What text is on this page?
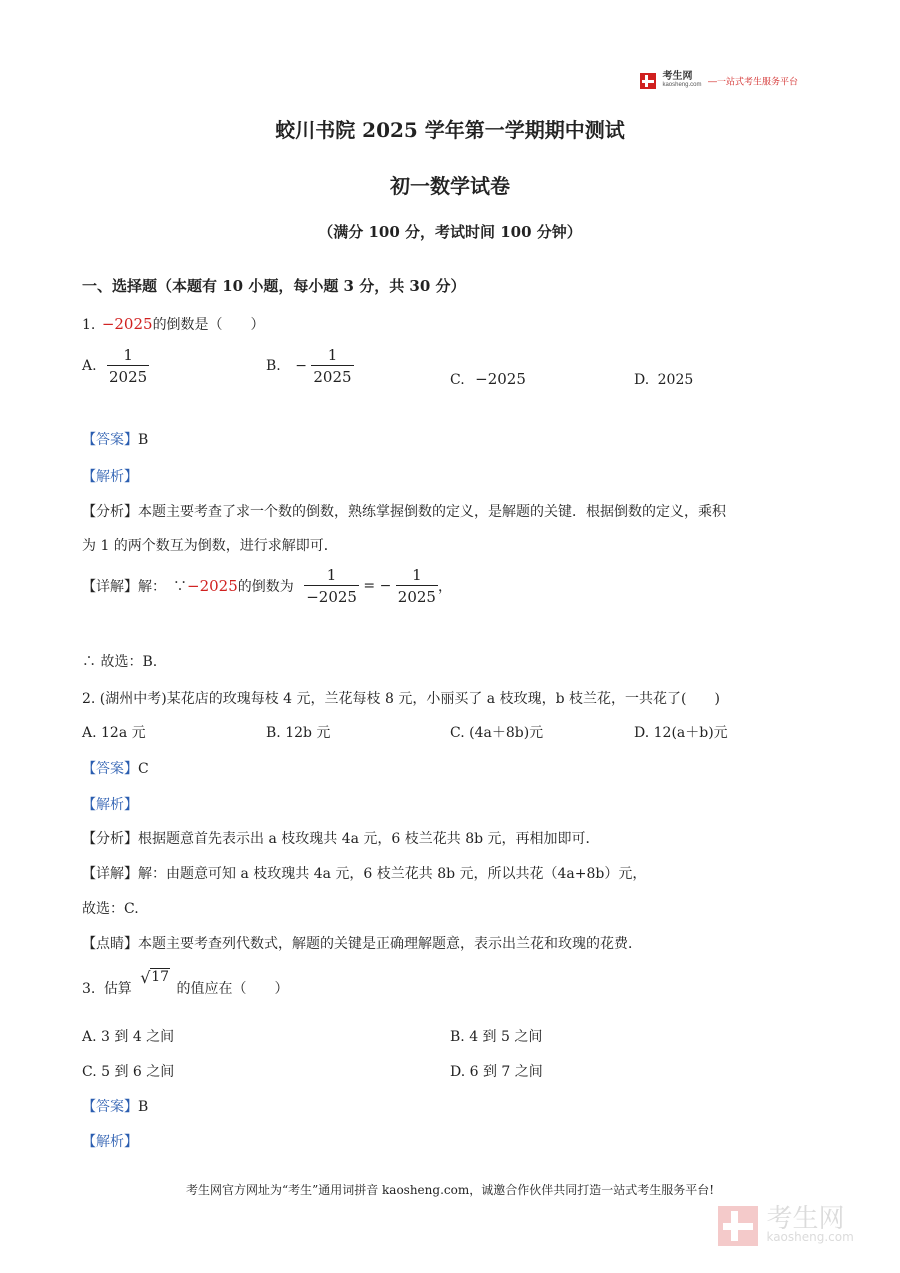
考生网
kaosheng.com —一站式考生服务平台
蛟川书院 2025 学年第一学期期中测试
初一数学试卷
（满分 100 分，考试时间 100 分钟）
一、选择题（本题有 10 小题，每小题 3 分，共 30 分）
1. −2025的倒数是（　　）
A. $\frac{1}{2025}$	B. − $\frac{1}{2025}$	C. −2025	D. 2025
【答案】B
【解析】
【分析】本题主要考查了求一个数的倒数，熟练掌握倒数的定义，是解题的关键．根据倒数的定义，乘积
为 1 的两个数互为倒数，进行求解即可．
【详解】解：　∵−2025的倒数为 $\frac{1}{-2025}$ = − $\frac{1}{2025}$ ，
∴ 故选：B.
2. (湖州中考)某花店的玫瑰每枝 4 元，兰花每枝 8 元，小丽买了 a 枝玫瑰，b 枝兰花，一共花了(　　)
A. 12a 元	B. 12b 元	C. (4a＋8b)元	D. 12(a＋b)元
【答案】C
【解析】
【分析】根据题意首先表示出 a 枝玫瑰共 4a 元，6 枝兰花共 8b 元，再相加即可．
【详解】解：由题意可知 a 枝玫瑰共 4a 元，6 枝兰花共 8b 元，所以共花（4a+8b）元，
故选：C.
【点睛】本题主要考查列代数式，解题的关键是正确理解题意，表示出兰花和玫瑰的花费．
3. 估算
√ 17 的值应在（　　）
A. 3 到 4 之间	B. 4 到 5 之间
C. 5 到 6 之间	D. 6 到 7 之间
【答案】B
【解析】
考生网官方网址为“考生”通用词拼音 kaosheng.com，诚邀合作伙伴共同打造一站式考生服务平台!

考生网
kaosheng.com
